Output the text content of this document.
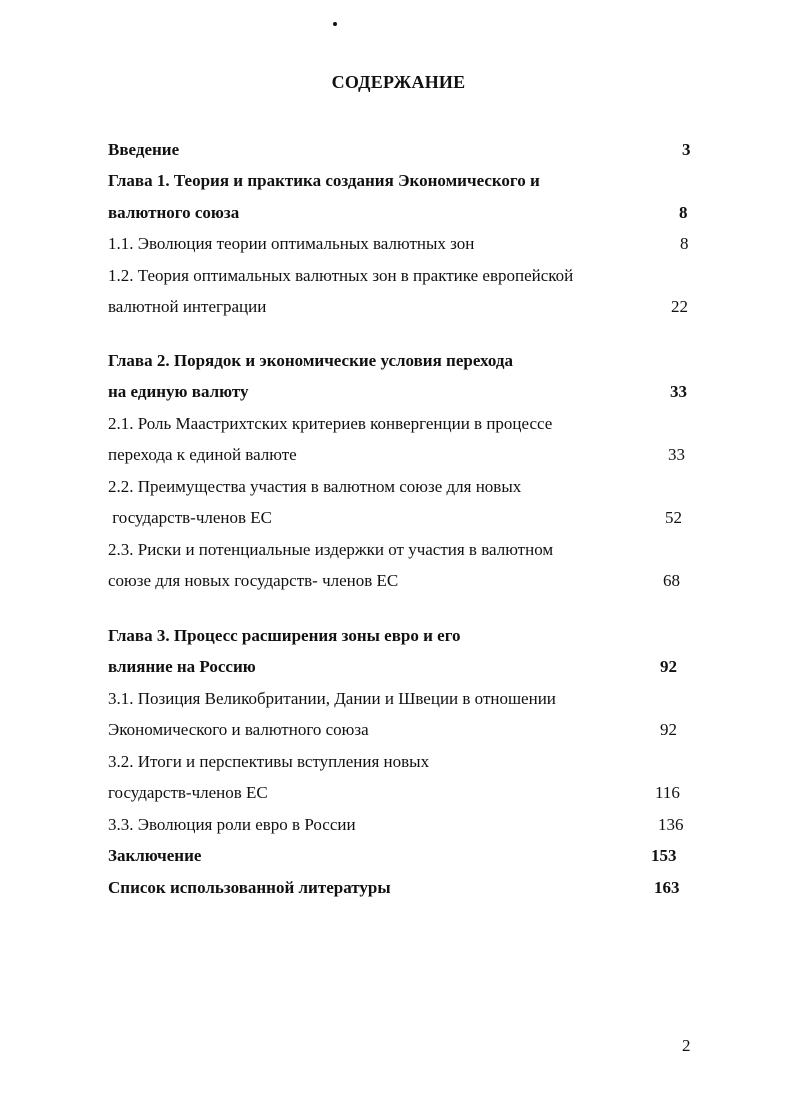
СОДЕРЖАНИЕ
Введение	3
Глава 1. Теория и практика создания Экономического и
валютного союза	8
1.1. Эволюция теории оптимальных валютных зон	8
1.2. Теория оптимальных валютных зон в практике европейской
валютной интеграции	22
Глава 2. Порядок и экономические условия перехода
на единую валюту	33
2.1. Роль Маастрихтских критериев конвергенции в процессе
перехода к единой валюте	33
2.2. Преимущества участия в валютном союзе для новых
государств-членов ЕС	52
2.3. Риски и потенциальные издержки от участия в валютном
союзе для новых государств- членов ЕС	68
Глава 3. Процесс расширения зоны евро и его
влияние на Россию	92
3.1. Позиция Великобритании, Дании и Швеции в отношении
Экономического и валютного союза	92
3.2. Итоги и перспективы вступления новых
государств-членов ЕС	116
3.3. Эволюция роли евро в России	136
Заключение	153
Список использованной литературы	163
2
